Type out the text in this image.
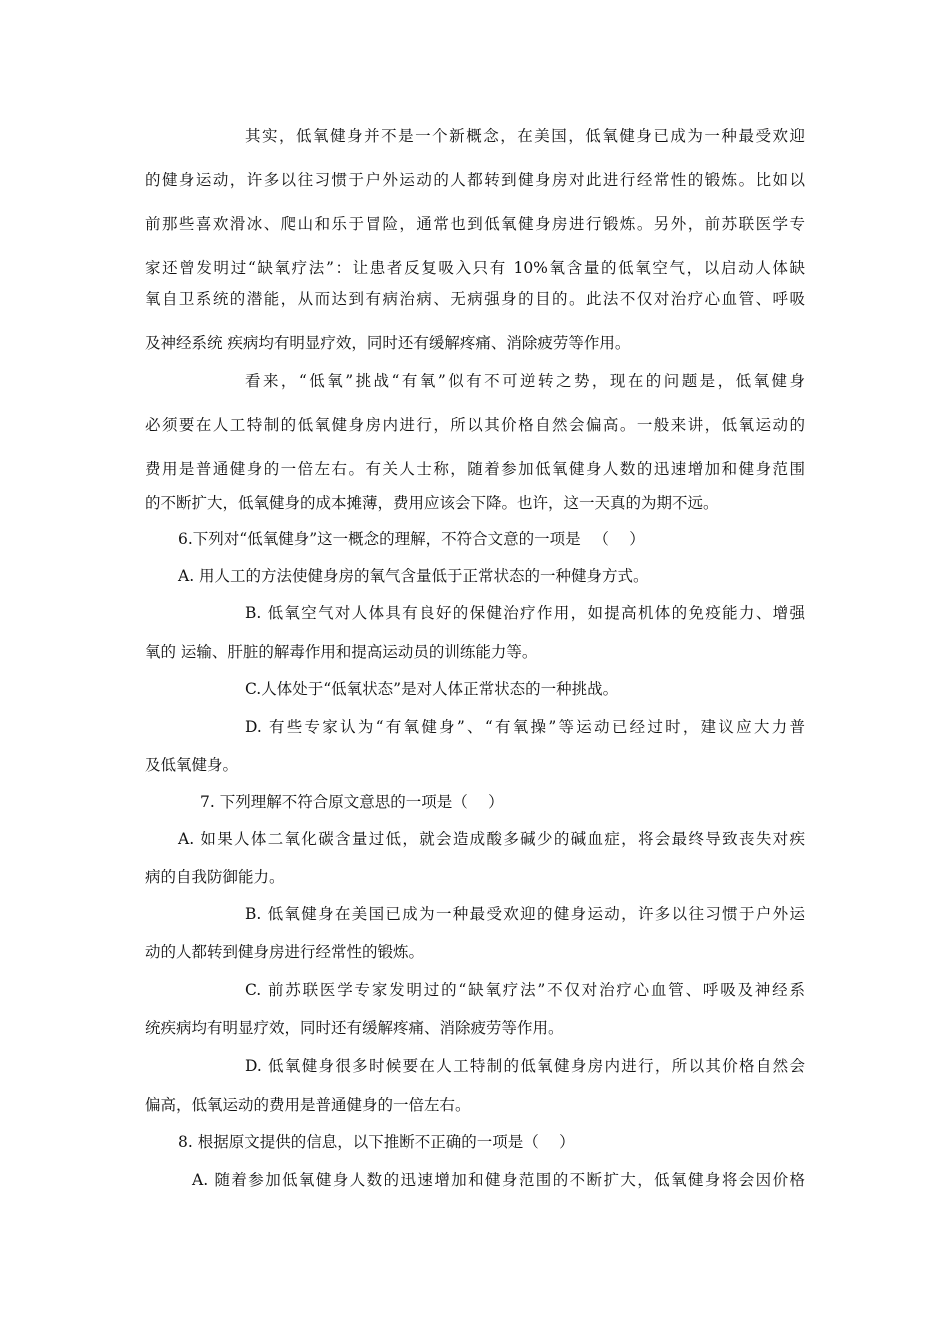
其实，低氧健身并不是一个新概念，在美国，低氧健身已成为一种最受欢迎
的健身运动，许多以往习惯于户外运动的人都转到健身房对此进行经常性的锻炼。比如以
前那些喜欢滑冰、爬山和乐于冒险，通常也到低氧健身房进行锻炼。另外，前苏联医学专
家还曾发明过“缺氧疗法”：让患者反复吸入只有 10%氧含量的低氧空气，以启动人体缺
氧自卫系统的潜能，从而达到有病治病、无病强身的目的。此法不仅对治疗心血管、呼吸
及神经系统 疾病均有明显疗效，同时还有缓解疼痛、消除疲劳等作用。
看来，“低氧”挑战“有氧”似有不可逆转之势，现在的问题是，低氧健身
必须要在人工特制的低氧健身房内进行，所以其价格自然会偏高。一般来讲，低氧运动的
费用是普通健身的一倍左右。有关人士称，随着参加低氧健身人数的迅速增加和健身范围
的不断扩大，低氧健身的成本摊薄，费用应该会下降。也许，这一天真的为期不远。
6.下列对“低氧健身”这一概念的理解，不符合文意的一项是 　（　 ）
A. 用人工的方法使健身房的氧气含量低于正常状态的一种健身方式。
B. 低氧空气对人体具有良好的保健治疗作用，如提高机体的免疫能力、增强
氧的 运输、肝脏的解毒作用和提高运动员的训练能力等。
C.人体处于“低氧状态”是对人体正常状态的一种挑战。
D. 有些专家认为“有氧健身”、“有氧操”等运动已经过时，建议应大力普
及低氧健身。
7. 下列理解不符合原文意思的一项是（　 ）
A. 如果人体二氧化碳含量过低，就会造成酸多碱少的碱血症，将会最终导致丧失对疾
病的自我防御能力。
B. 低氧健身在美国已成为一种最受欢迎的健身运动，许多以往习惯于户外运
动的人都转到健身房进行经常性的锻炼。
C. 前苏联医学专家发明过的“缺氧疗法”不仅对治疗心血管、呼吸及神经系
统疾病均有明显疗效，同时还有缓解疼痛、消除疲劳等作用。
D. 低氧健身很多时候要在人工特制的低氧健身房内进行，所以其价格自然会
偏高，低氧运动的费用是普通健身的一倍左右。
8. 根据原文提供的信息，以下推断不正确的一项是（　 ）
A. 随着参加低氧健身人数的迅速增加和健身范围的不断扩大，低氧健身将会因价格
